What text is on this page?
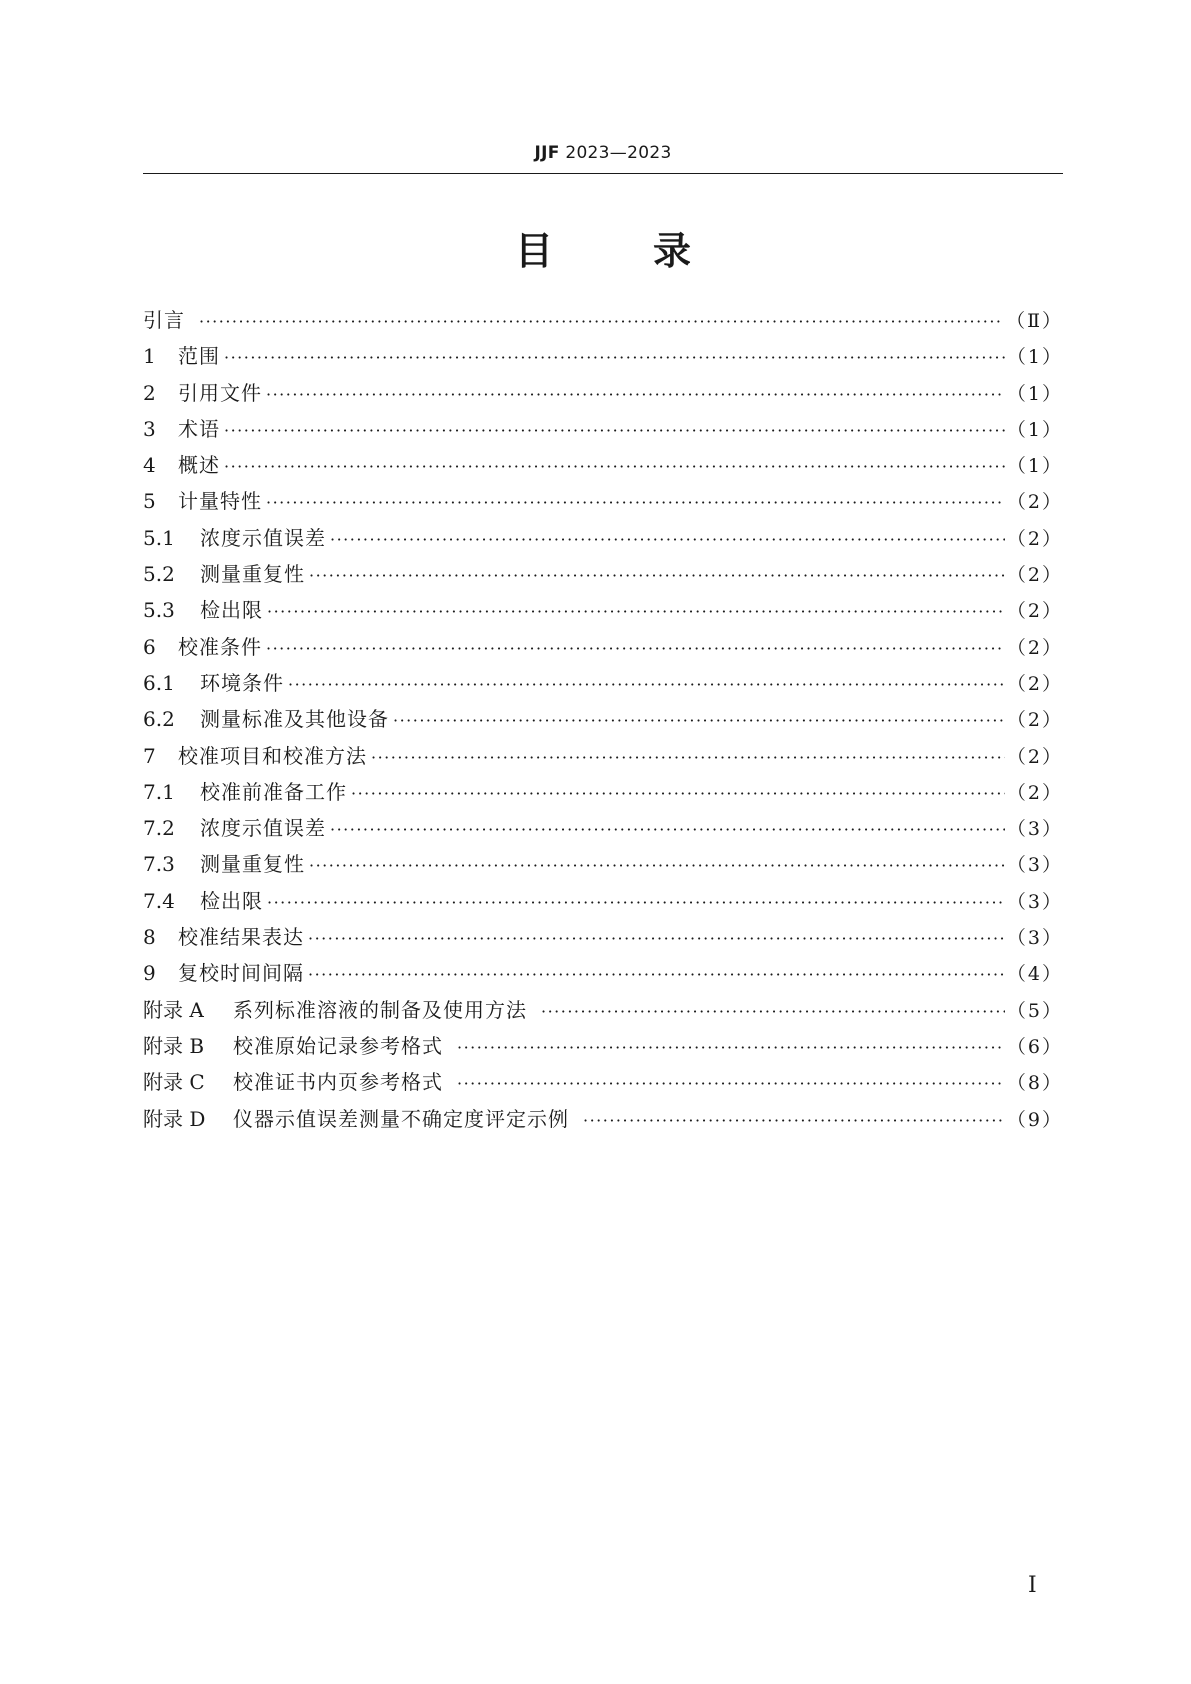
JJF 2023—2023
目	录
引言 ·····	（Ⅱ）
1	范围 ·····	（1）
2	引用文件 ·····	（1）
3	术语 ·····	（1）
4	概述 ·····	（1）
5	计量特性 ·····	（2）
5.1	浓度示值误差 ·····	（2）
5.2	测量重复性 ·····	（2）
5.3	检出限 ·····	（2）
6	校准条件 ·····	（2）
6.1	环境条件 ·····	（2）
6.2	测量标准及其他设备 ·····	（2）
7	校准项目和校准方法 ·····	（2）
7.1	校准前准备工作 ·····	（2）
7.2	浓度示值误差 ·····	（3）
7.3	测量重复性 ·····	（3）
7.4	检出限 ·····	（3）
8	校准结果表达 ·····	（3）
9	复校时间间隔 ·····	（4）
附录 A	系列标准溶液的制备及使用方法 ·····	（5）
附录 B	校准原始记录参考格式 ·····	（6）
附录 C	校准证书内页参考格式 ·····	（8）
附录 D	仪器示值误差测量不确定度评定示例 ·····	（9）
Ⅰ
